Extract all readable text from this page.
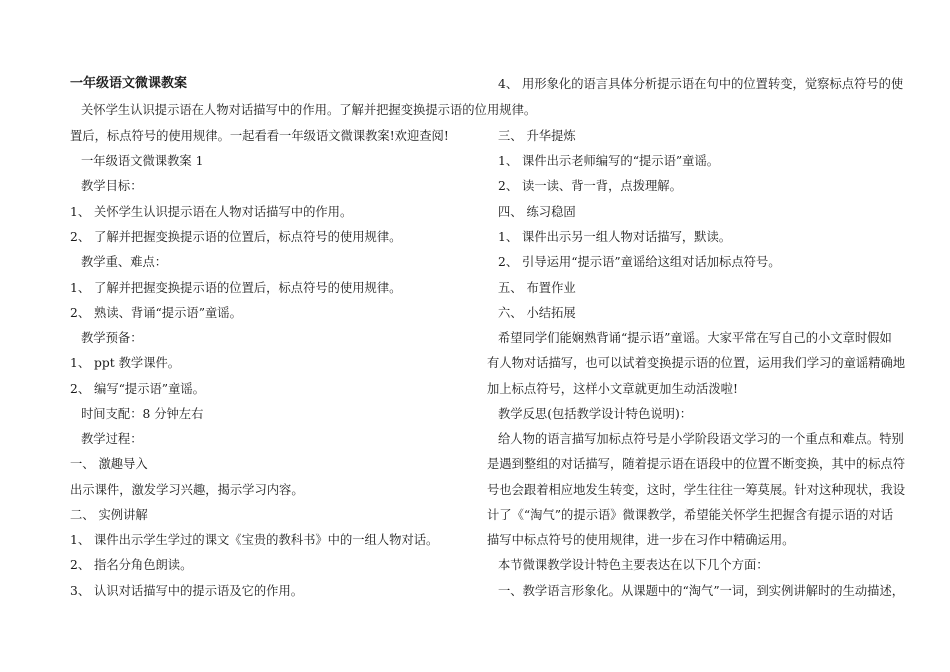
一年级语文微课教案
关怀学生认识提示语在人物对话描写中的作用。了解并把握变换提示语的位
置后，标点符号的使用规律。一起看看一年级语文微课教案!欢迎查阅!
一年级语文微课教案 1
教学目标：
1、 关怀学生认识提示语在人物对话描写中的作用。
2、 了解并把握变换提示语的位置后，标点符号的使用规律。
教学重、难点：
1、 了解并把握变换提示语的位置后，标点符号的使用规律。
2、 熟读、背诵“提示语”童谣。
教学预备：
1、 ppt 教学课件。
2、 编写“提示语”童谣。
时间支配：8 分钟左右
教学过程：
一、 激趣导入
出示课件，激发学习兴趣，揭示学习内容。
二、 实例讲解
1、 课件出示学生学过的课文《宝贵的教科书》中的一组人物对话。
2、 指名分角色朗读。
3、 认识对话描写中的提示语及它的作用。
4、 用形象化的语言具体分析提示语在句中的位置转变，觉察标点符号的使
用规律。
三、 升华提炼
1、 课件出示老师编写的“提示语”童谣。
2、 读一读、背一背，点拨理解。
四、 练习稳固
1、 课件出示另一组人物对话描写，默读。
2、 引导运用“提示语”童谣给这组对话加标点符号。
五、 布置作业
六、 小结拓展
希望同学们能娴熟背诵“提示语”童谣。大家平常在写自己的小文章时假如
有人物对话描写，也可以试着变换提示语的位置，运用我们学习的童谣精确地
加上标点符号，这样小文章就更加生动活泼啦!
教学反思(包括教学设计特色说明)：
给人物的语言描写加标点符号是小学阶段语文学习的一个重点和难点。特别
是遇到整组的对话描写，随着提示语在语段中的位置不断变换，其中的标点符
号也会跟着相应地发生转变，这时，学生往往一筹莫展。针对这种现状，我设
计了《“淘气”的提示语》微课教学，希望能关怀学生把握含有提示语的对话
描写中标点符号的使用规律，进一步在习作中精确运用。
本节微课教学设计特色主要表达在以下几个方面：
一、教学语言形象化。从课题中的“淘气”一词，到实例讲解时的生动描述，
